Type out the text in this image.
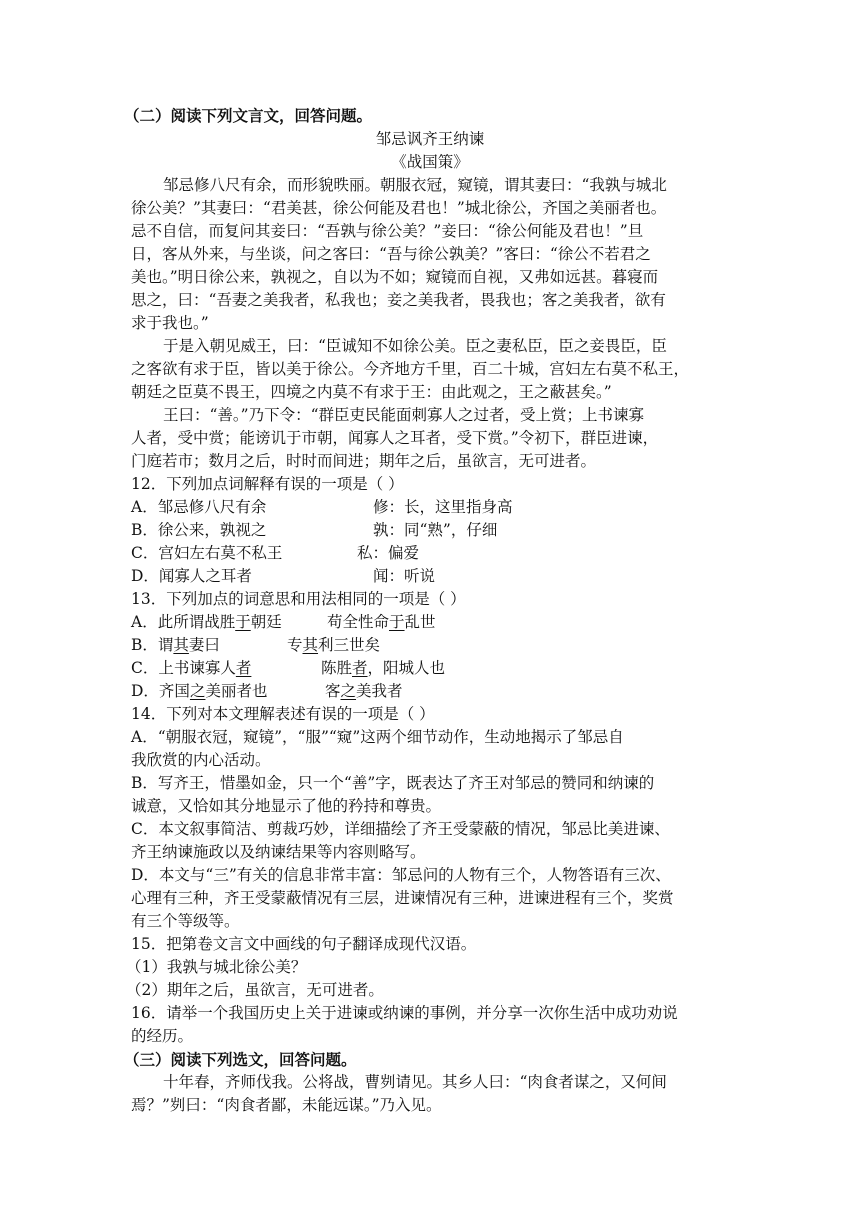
（二）阅读下列文言文，回答问题。
邹忌讽齐王纳谏
《战国策》
邹忌修八尺有余，而形貌昳丽。朝服衣冠，窥镜，谓其妻曰：“我孰与城北
徐公美？”其妻曰：“君美甚，徐公何能及君也！”城北徐公，齐国之美丽者也。
忌不自信，而复问其妾曰：“吾孰与徐公美？”妾曰：“徐公何能及君也！”旦
日，客从外来，与坐谈，问之客曰：“吾与徐公孰美？”客曰：“徐公不若君之
美也。”明日徐公来，孰视之，自以为不如；窥镜而自视，又弗如远甚。暮寝而
思之，曰：“吾妻之美我者，私我也；妾之美我者，畏我也；客之美我者，欲有
求于我也。”
于是入朝见威王，曰：“臣诚知不如徐公美。臣之妻私臣，臣之妾畏臣，臣
之客欲有求于臣，皆以美于徐公。今齐地方千里，百二十城，宫妇左右莫不私王，
朝廷之臣莫不畏王，四境之内莫不有求于王：由此观之，王之蔽甚矣。”
王曰：“善。”乃下令：“群臣吏民能面刺寡人之过者，受上赏；上书谏寡
人者，受中赏；能谤讥于市朝，闻寡人之耳者，受下赏。”令初下，群臣进谏，
门庭若市；数月之后，时时而间进；期年之后，虽欲言，无可进者。
12．下列加点词解释有误的一项是（ ）
A．邹忌修八尺有余	修：长，这里指身高
B．徐公来，孰视之	孰：同“熟”，仔细
C．宫妇左右莫不私王	私：偏爱
D．闻寡人之耳者	闻：听说
13．下列加点的词意思和用法相同的一项是（ ）
A．此所谓战胜于朝廷	苟全性命于乱世
B．谓其妻曰	专其利三世矣
C．上书谏寡人者	陈胜者，阳城人也
D．齐国之美丽者也	客之美我者
14．下列对本文理解表述有误的一项是（ ）
A．“朝服衣冠，窥镜”，“服”“窥”这两个细节动作，生动地揭示了邹忌自
我欣赏的内心活动。
B．写齐王，惜墨如金，只一个“善”字，既表达了齐王对邹忌的赞同和纳谏的
诚意，又恰如其分地显示了他的矜持和尊贵。
C．本文叙事简洁、剪裁巧妙，详细描绘了齐王受蒙蔽的情况，邹忌比美进谏、
齐王纳谏施政以及纳谏结果等内容则略写。
D．本文与“三”有关的信息非常丰富：邹忌问的人物有三个，人物答语有三次、
心理有三种，齐王受蒙蔽情况有三层，进谏情况有三种，进谏进程有三个，奖赏
有三个等级等。
15．把第卷文言文中画线的句子翻译成现代汉语。
（1）我孰与城北徐公美？
（2）期年之后，虽欲言，无可进者。
16．请举一个我国历史上关于进谏或纳谏的事例，并分享一次你生活中成功劝说
的经历。
（三）阅读下列选文，回答问题。
十年春，齐师伐我。公将战，曹刿请见。其乡人曰：“肉食者谋之，又何间
焉？”刿曰：“肉食者鄙，未能远谋。”乃入见。
